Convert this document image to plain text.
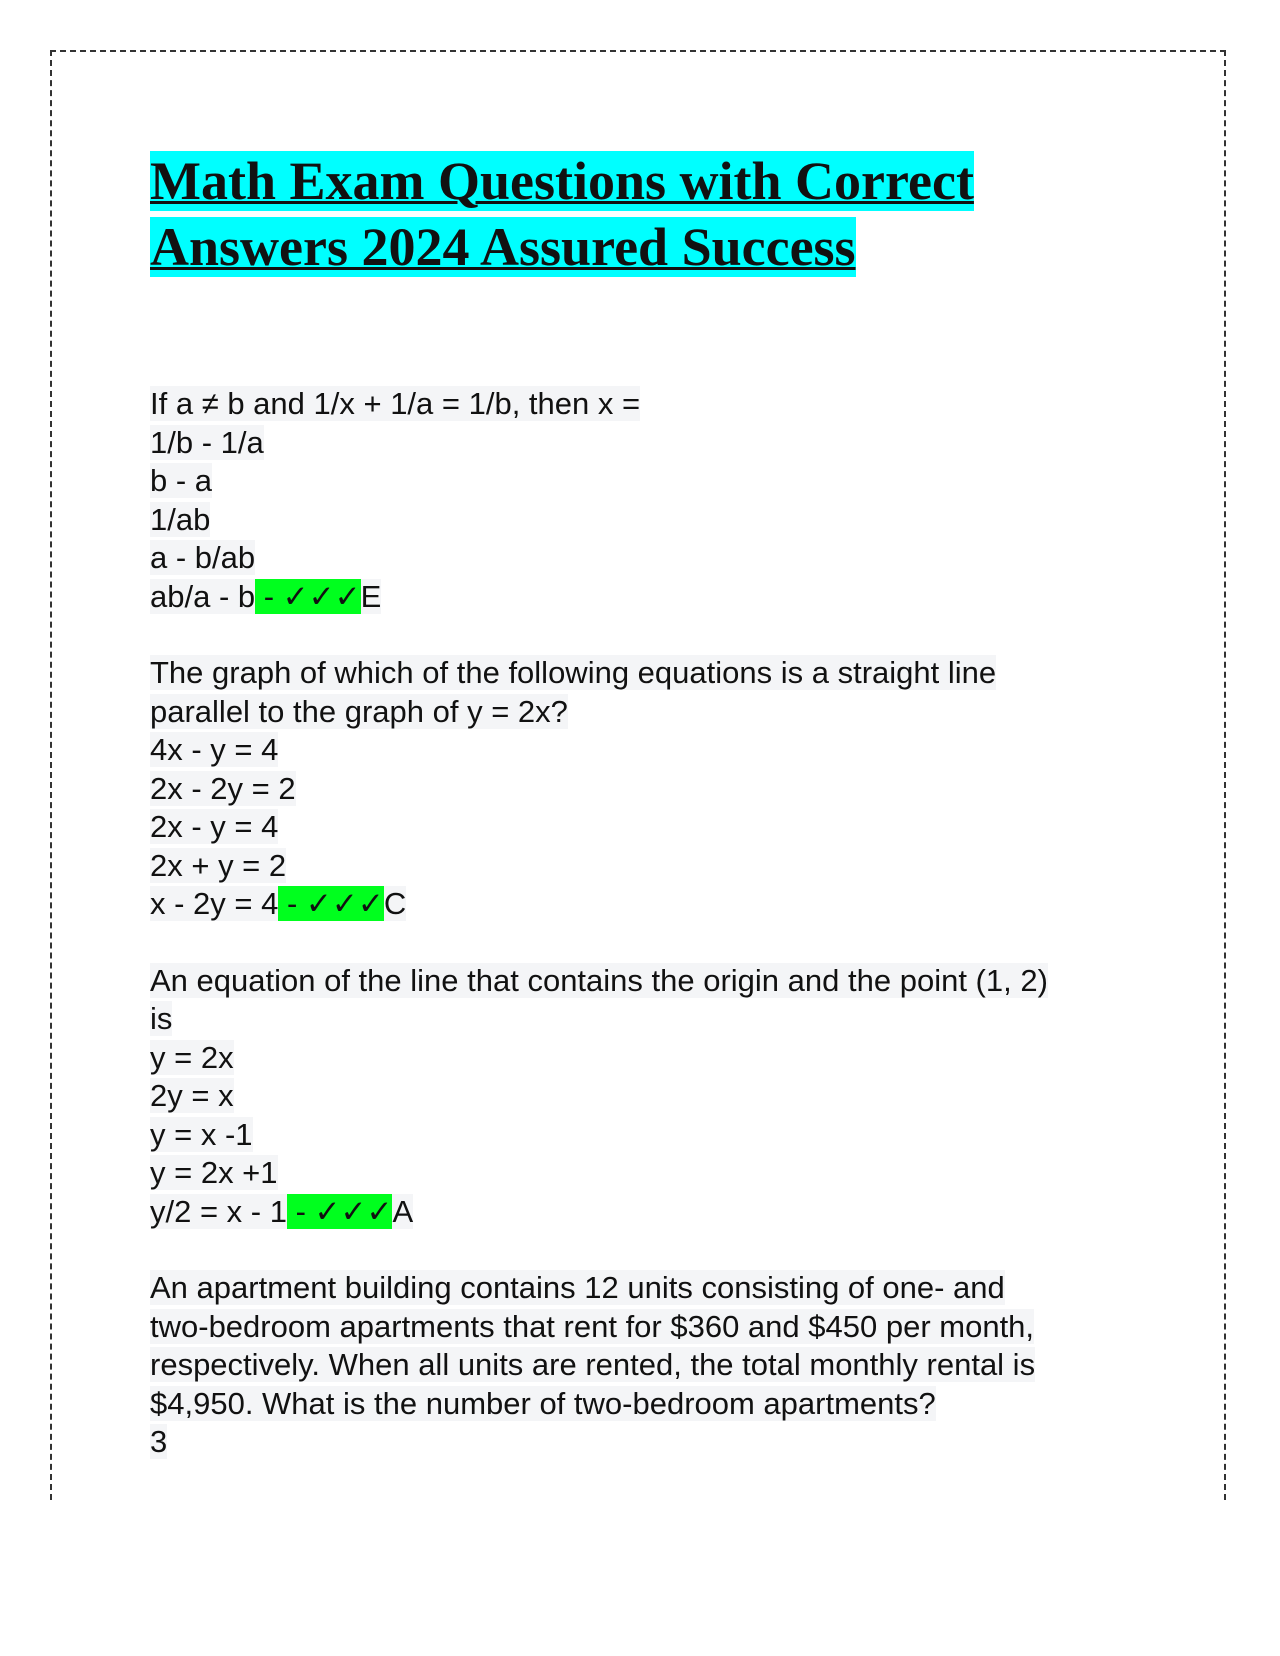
Math Exam Questions with Correct
Answers 2024 Assured Success
If a ≠ b and 1/x + 1/a = 1/b, then x =
1/b - 1/a
b - a
1/ab
a - b/ab
ab/a - b - ✓✓✓E
The graph of which of the following equations is a straight line
parallel to the graph of y = 2x?
4x - y = 4
2x - 2y = 2
2x - y = 4
2x + y = 2
x - 2y = 4 - ✓✓✓C
An equation of the line that contains the origin and the point (1, 2)
is
y = 2x
2y = x
y = x -1
y = 2x +1
y/2 = x - 1 - ✓✓✓A
An apartment building contains 12 units consisting of one- and
two-bedroom apartments that rent for $360 and $450 per month,
respectively. When all units are rented, the total monthly rental is
$4,950. What is the number of two-bedroom apartments?
3
